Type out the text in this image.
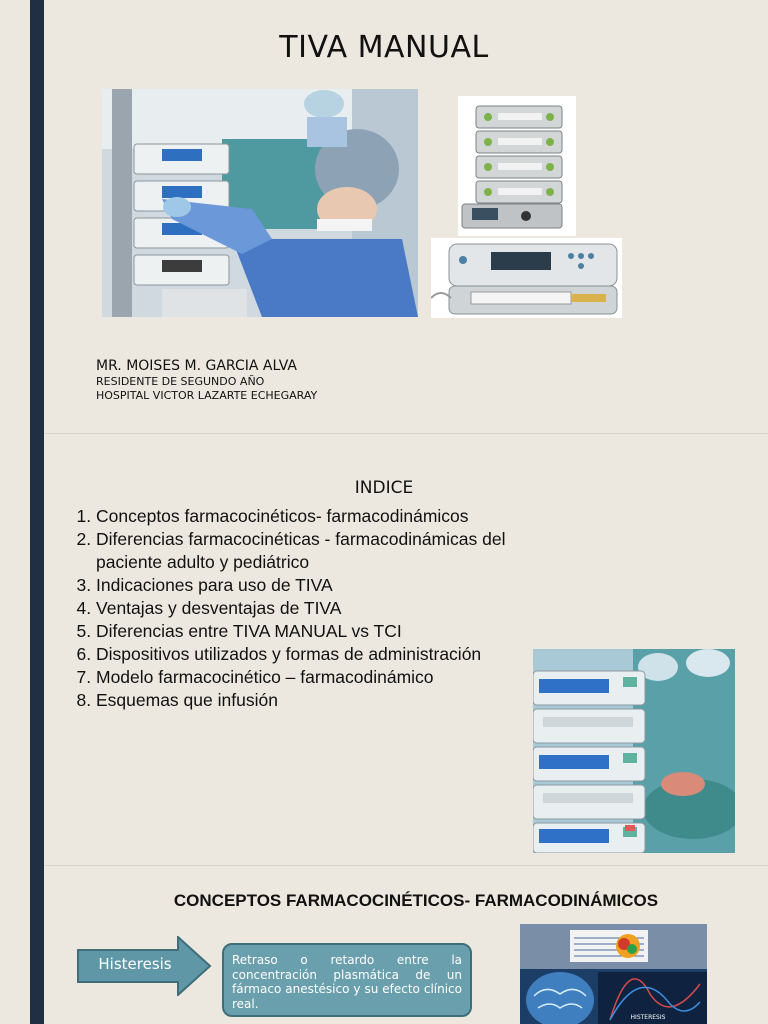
TIVA MANUAL
MR. MOISES M. GARCIA ALVA
RESIDENTE DE SEGUNDO AÑO
HOSPITAL VICTOR LAZARTE ECHEGARAY
INDICE
1. Conceptos farmacocinéticos- farmacodinámicos
2. Diferencias farmacocinéticas - farmacodinámicas del paciente adulto y pediátrico
3. Indicaciones para uso de TIVA
4. Ventajas y desventajas de TIVA
5. Diferencias entre TIVA MANUAL vs TCI
6. Dispositivos utilizados y formas de administración
7. Modelo farmacocinético – farmacodinámico
8. Esquemas que infusión
CONCEPTOS FARMACOCINÉTICOS- FARMACODINÁMICOS
Histeresis	Retraso o retardo entre la concentración plasmática de un fármaco anestésico y su efecto clínico real.
HISTERESIS
